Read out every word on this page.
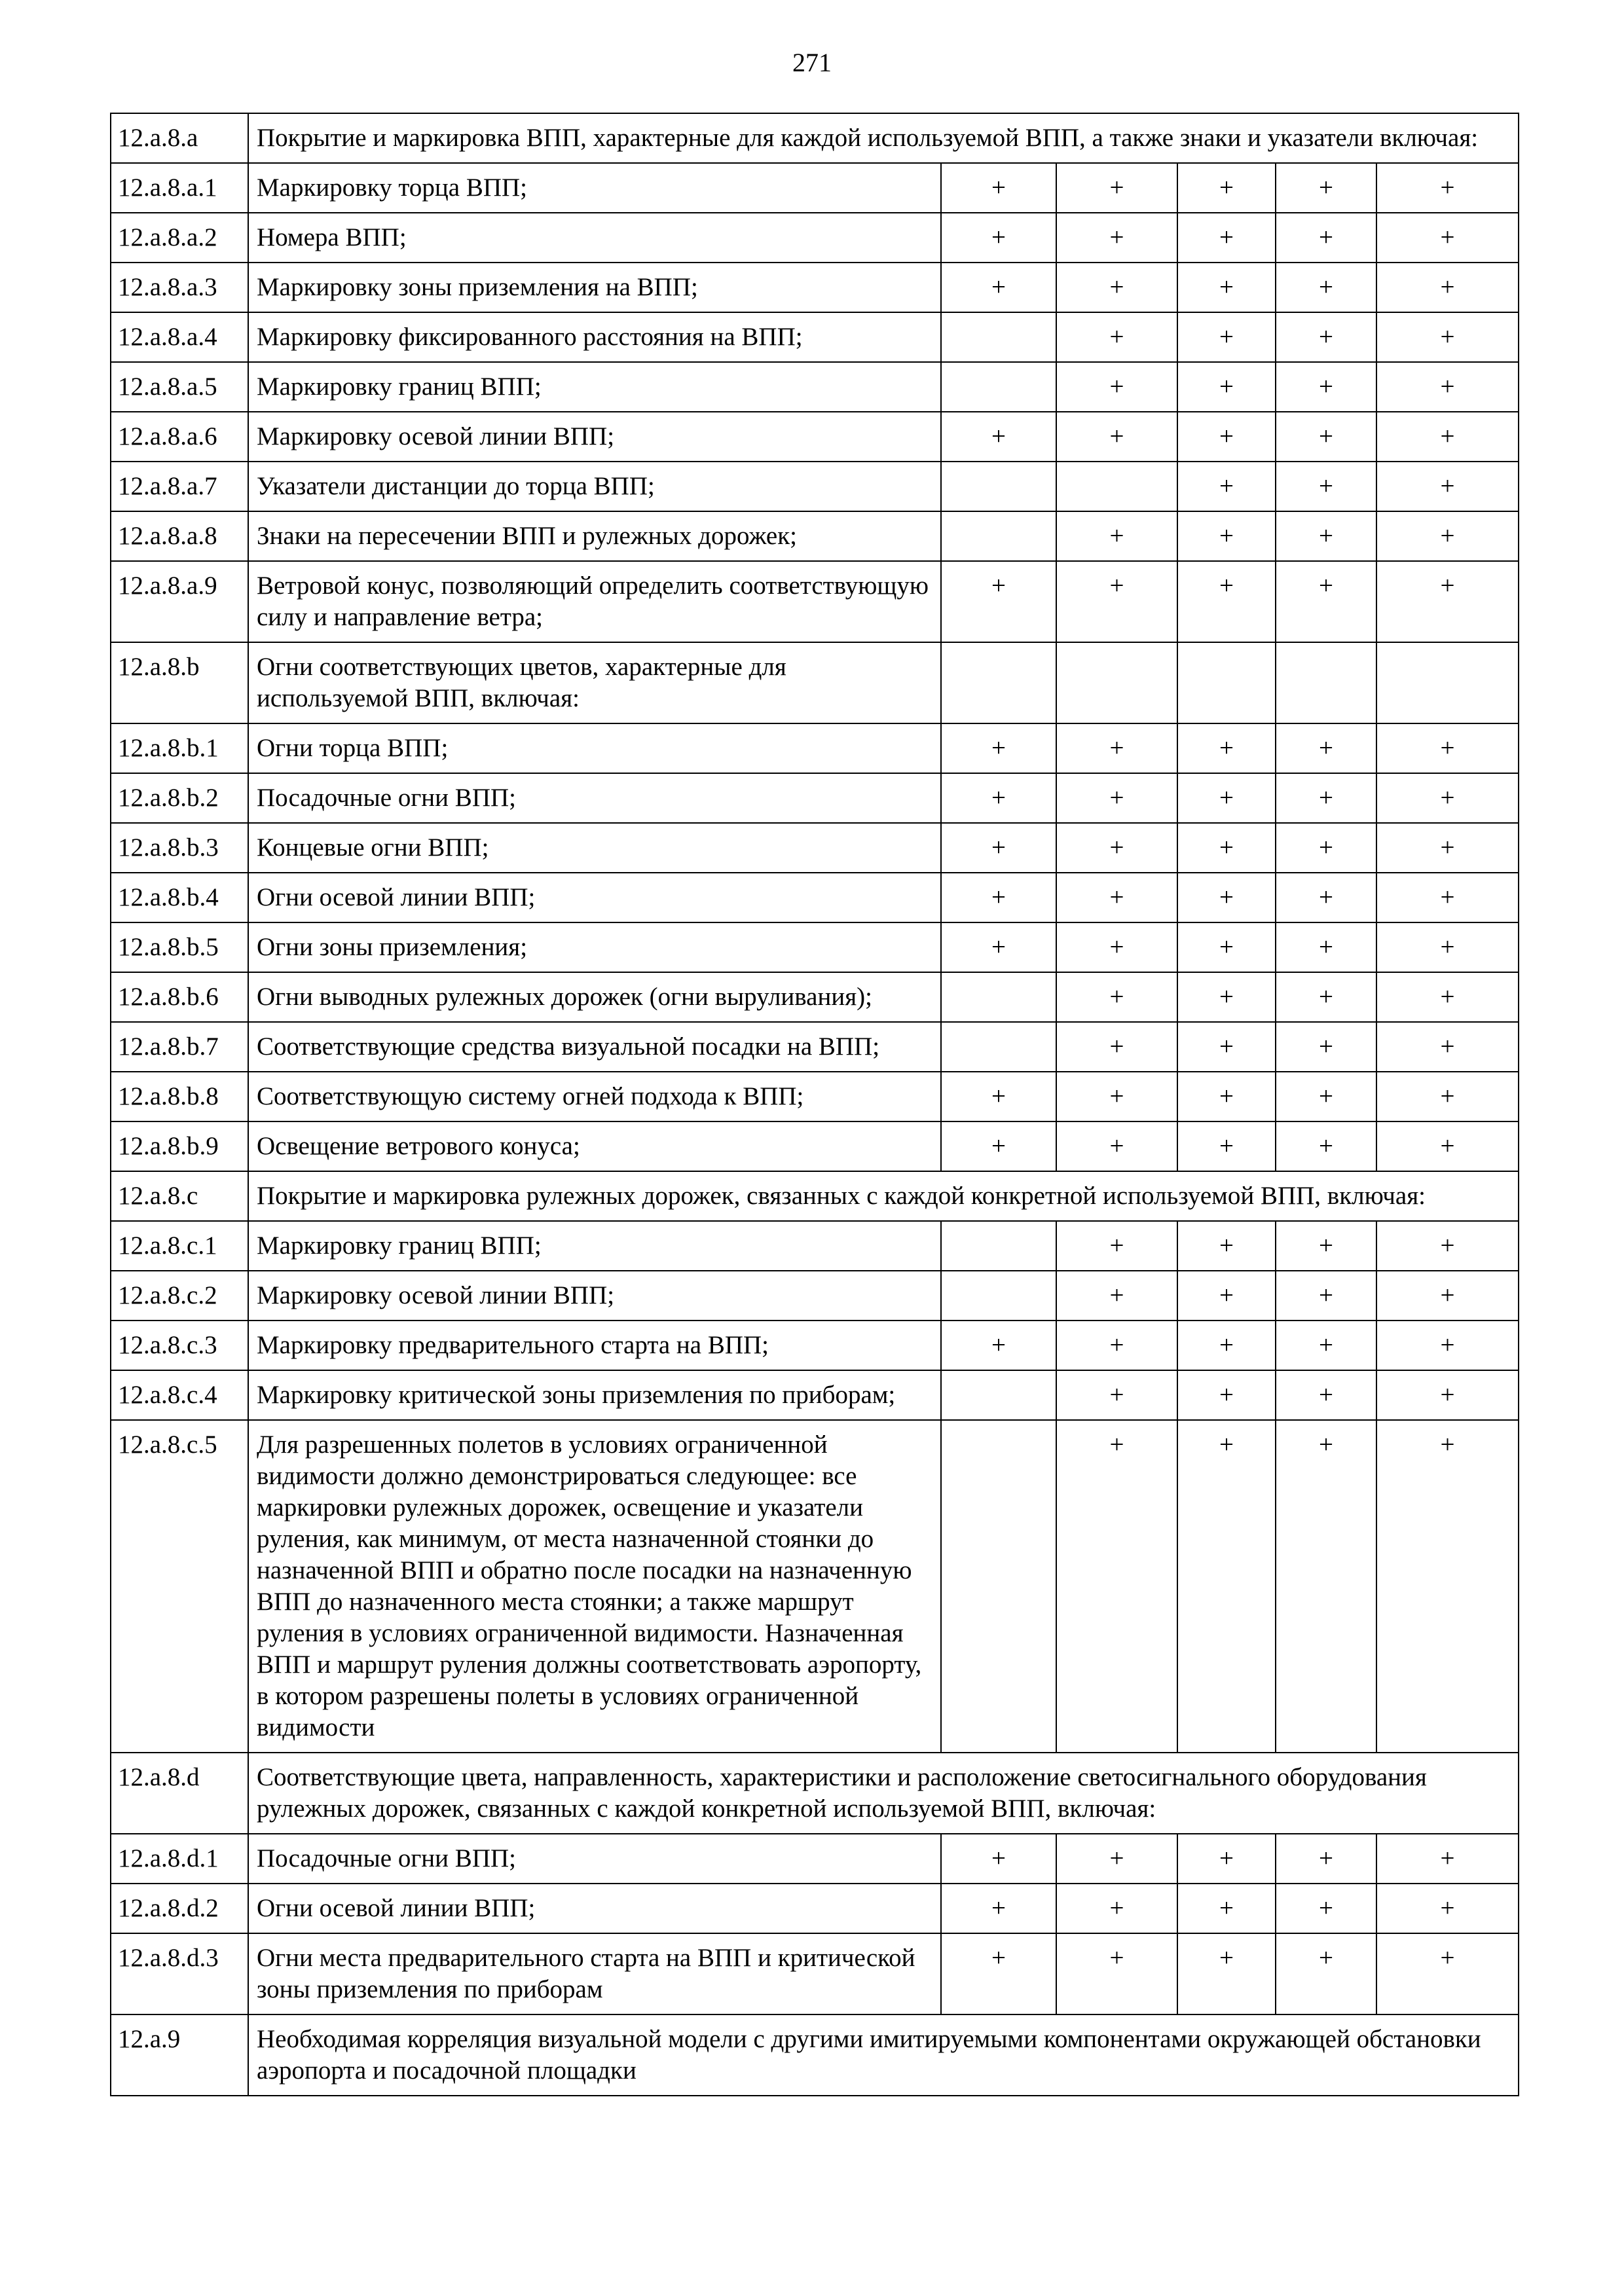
271
12.a.8.a	Покрытие и маркировка ВПП, характерные для каждой используемой ВПП, а также знаки и указатели включая:					
12.a.8.a.1	Маркировку торца ВПП;	+	+	+	+	+
12.a.8.a.2	Номера ВПП;	+	+	+	+	+
12.a.8.a.3	Маркировку зоны приземления на ВПП;	+	+	+	+	+
12.a.8.a.4	Маркировку фиксированного расстояния на ВПП;		+	+	+	+
12.a.8.a.5	Маркировку границ ВПП;		+	+	+	+
12.a.8.a.6	Маркировку осевой линии ВПП;	+	+	+	+	+
12.a.8.a.7	Указатели дистанции до торца ВПП;			+	+	+
12.a.8.a.8	Знаки на пересечении ВПП и рулежных дорожек;		+	+	+	+
12.a.8.a.9	Ветровой конус, позволяющий определить соответствующую силу и направление ветра;	+	+	+	+	+
12.a.8.b	Огни соответствующих цветов, характерные для используемой ВПП, включая:					
12.a.8.b.1	Огни торца ВПП;	+	+	+	+	+
12.a.8.b.2	Посадочные огни ВПП;	+	+	+	+	+
12.a.8.b.3	Концевые огни ВПП;	+	+	+	+	+
12.a.8.b.4	Огни осевой линии ВПП;	+	+	+	+	+
12.a.8.b.5	Огни зоны приземления;	+	+	+	+	+
12.a.8.b.6	Огни выводных рулежных дорожек (огни выруливания);		+	+	+	+
12.a.8.b.7	Соответствующие средства визуальной посадки на ВПП;		+	+	+	+
12.a.8.b.8	Соответствующую систему огней подхода к ВПП;	+	+	+	+	+
12.a.8.b.9	Освещение ветрового конуса;	+	+	+	+	+
12.a.8.c	Покрытие и маркировка рулежных дорожек, связанных с каждой конкретной используемой ВПП, включая:					
12.a.8.c.1	Маркировку границ ВПП;		+	+	+	+
12.a.8.c.2	Маркировку осевой линии ВПП;		+	+	+	+
12.a.8.c.3	Маркировку предварительного старта на ВПП;	+	+	+	+	+
12.a.8.c.4	Маркировку критической зоны приземления по приборам;		+	+	+	+
12.a.8.c.5	Для разрешенных полетов в условиях ограниченной видимости должно демонстрироваться следующее: все маркировки рулежных дорожек, освещение и указатели руления, как минимум, от места назначенной стоянки до назначенной ВПП и обратно после посадки на назначенную ВПП до назначенного места стоянки; а также маршрут руления в условиях ограниченной видимости. Назначенная ВПП и маршрут руления должны соответствовать аэропорту, в котором разрешены полеты в условиях ограниченной видимости		+	+	+	+
12.a.8.d	Соответствующие цвета, направленность, характеристики и расположение светосигнального оборудования рулежных дорожек, связанных с каждой конкретной используемой ВПП, включая:					
12.a.8.d.1	Посадочные огни ВПП;	+	+	+	+	+
12.a.8.d.2	Огни осевой линии ВПП;	+	+	+	+	+
12.a.8.d.3	Огни места предварительного старта на ВПП и критической зоны приземления по приборам	+	+	+	+	+
12.a.9	Необходимая корреляция визуальной модели с другими имитируемыми компонентами окружающей обстановки аэропорта и посадочной площадки					
